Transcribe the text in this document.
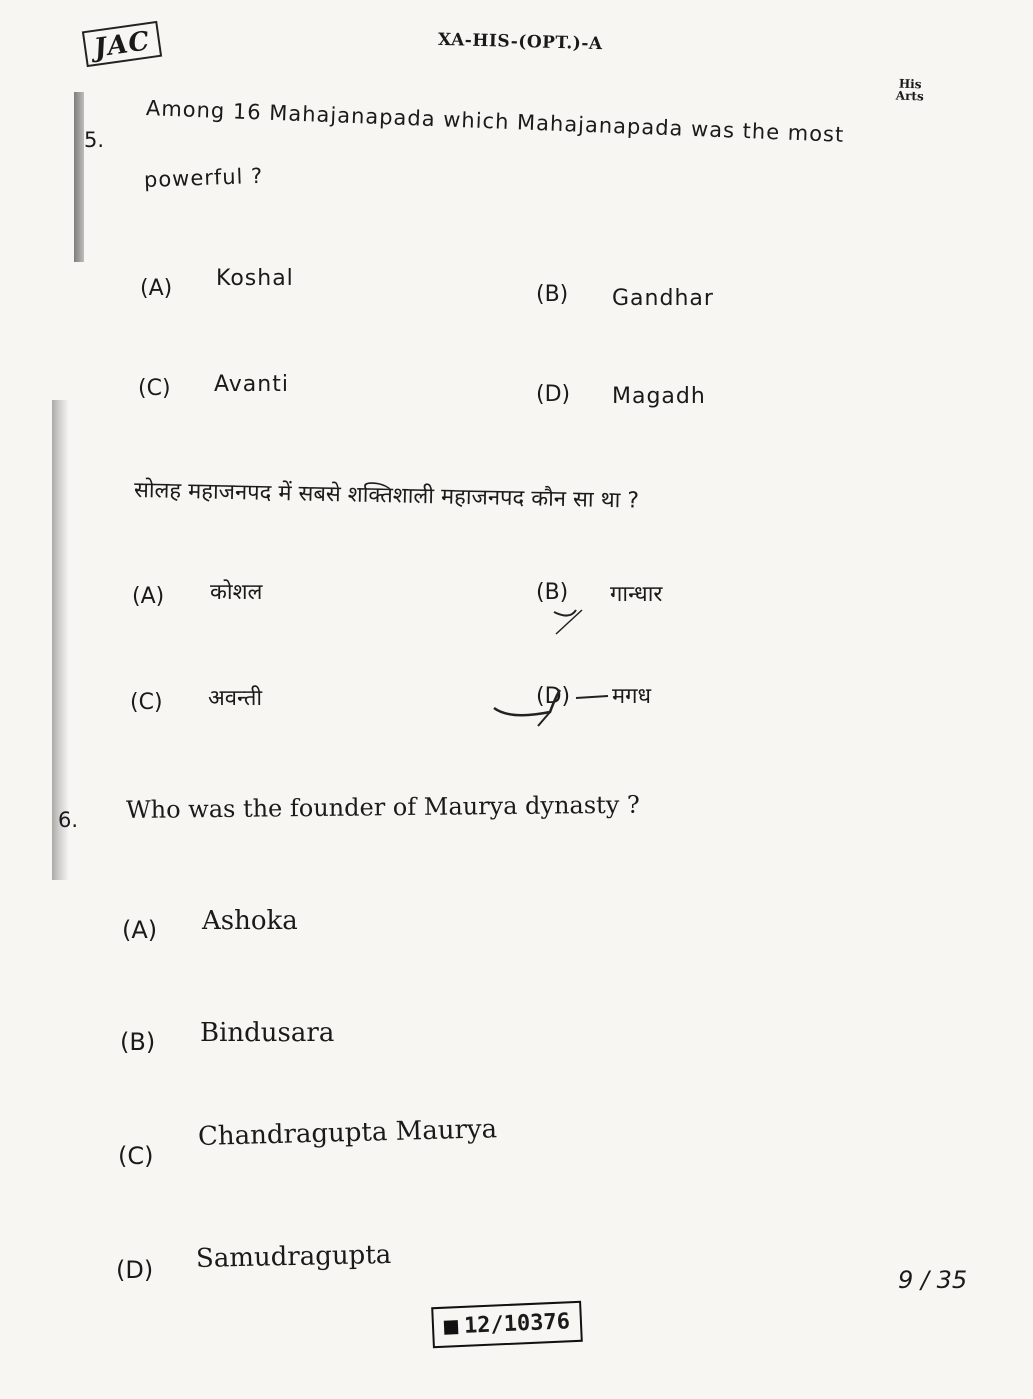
JAC	XA-HIS-(OPT.)-A
His
Arts
5. Among 16 Mahajanapada which Mahajanapada was the most
powerful ?
(A) Koshal
(B) Gandhar
(C) Avanti	(D) Magadh
सोलह महाजनपद में सबसे शक्तिशाली महाजनपद कौन सा था ?
(A) कोशल	(B) गान्धार
(C) अवन्ती	(D) मगध
6. Who was the founder of Maurya dynasty ?
(A) Ashoka
(B) Bindusara
(C)
Chandragupta Maurya
(D) Samudragupta
9 / 35
12/10376
